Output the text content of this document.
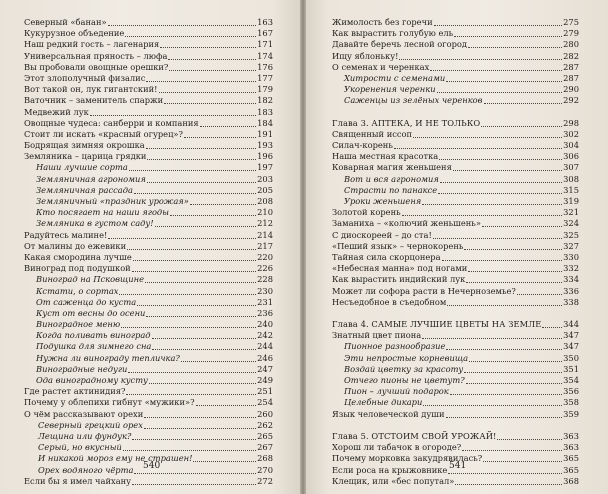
Северный «банан»	163
Кукурузное объедение	167
Наш редкий гость – лагенария	171
Универсальная пряность – люфа	174
Вы пробовали овощные орешки?	176
Этот злополучный физалис	177
Вот такой он, лук гигантский!	179
Ваточник – заменитель спаржи	182
Медвежий лук	183
Овощные чудеса: санберри и компания	184
Стоит ли искать «красный огурец»?	191
Бодрящая зимняя окрошка	193
Земляника – царица грядки	196
Наши лучшие сорта	197
Земляничная агрономия	203
Земляничная рассада	205
Земляничный «праздник урожая»	208
Кто посягает на наши ягоды	210
Земляника в густом саду!	212
Радуйтесь малине!	214
От малины до ежевики	217
Какая смородина лучше	220
Виноград под подушкой	226
Виноград на Псковщине	228
Кстати, о сортах	230
От саженца до куста	231
Куст от весны до осени	236
Виноградное меню	240
Когда поливать виноград	242
Подушка для зимнего сна	244
Нужна ли винограду тепличка?	246
Виноградные недуги	247
Ода виноградному кусту	249
Где растет актинидия?	251
Почему у облепихи гибнут «мужики»?	254
О чём рассказывают орехи	260
Северный грецкий орех	262
Лещина или фундук?	265
Серый, но вкусный	267
И никакой мороз ему не страшен!	268
Орех водяного чёрта	270
Если бы я имел чайхану	272
Жимолость без горечи	275
Как вырастить голубую ель	279
Давайте беречь лесной огород	280
Ищу яблоньку!	282
О семенах и черенках	287
Хитрости с семенами	287
Укоренения черенки	290
Саженцы из зелёных черенков	292
Глава 3. АПТЕКА, И НЕ ТОЛЬКО	298
Священный иссоп	302
Силач-корень	304
Наша местная красотка	306
Коварная магия женьшеня	307
Вот и вся агрономия	308
Страсти по панаксе	315
Уроки женьшеня	319
Золотой корень	321
Заманиха – «колючий женьшень»	324
С диоскореей – до ста!	325
«Пеший язык» – чернокорень	327
Тайная сила скорцонера	330
«Небесная манна» под ногами	332
Как вырастить индийский лук	334
Может ли софора расти в Нечерноземье?	336
Несъедобное в съедобном	338
Глава 4. САМЫЕ ЛУЧШИЕ ЦВЕТЫ НА ЗЕМЛЕ	344
Знатный цвет пиона	347
Пионное разнообразие	347
Эти непростые корневища	350
Воздай цветку за красоту	351
Отчего пионы не цветут?	354
Пион – лучший подарок	356
Целебные дикари	358
Язык человеческой души	359
Глава 5. ОТСТОИМ СВОЙ УРОЖАЙ!	363
Хорош ли табачок в огороде?	363
Почему морковка закудрявилась?	365
Если роса на крыжовнике	365
Клещик, или «бес попутал»	368
540	541
